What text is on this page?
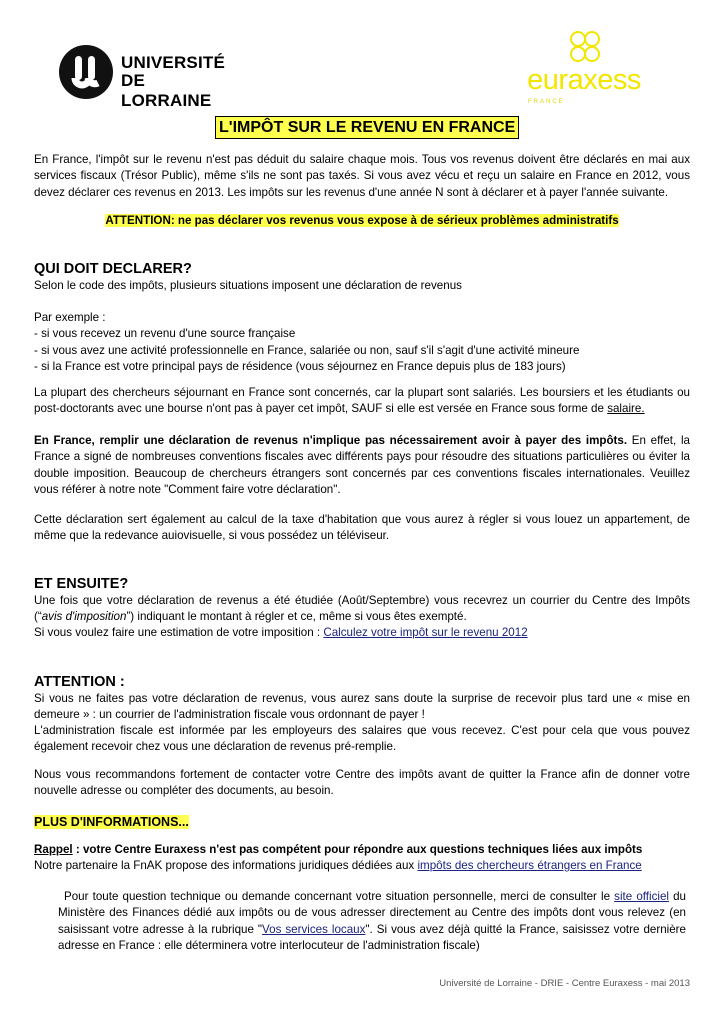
UNIVERSITÉ
DE LORRAINE
euraxess
FRANCE
L'IMPÔT SUR LE REVENU EN FRANCE
En France, l'impôt sur le revenu n'est pas déduit du salaire chaque mois. Tous vos revenus doivent être déclarés en mai aux services fiscaux (Trésor Public), même s'ils ne sont pas taxés. Si vous avez vécu et reçu un salaire en France en 2012, vous devez déclarer ces revenus en 2013. Les impôts sur les revenus d'une année N sont à déclarer et à payer l'année suivante.
ATTENTION: ne pas déclarer vos revenus vous expose à de sérieux problèmes administratifs
QUI DOIT DECLARER?
Selon le code des impôts, plusieurs situations imposent une déclaration de revenus
Par exemple :
- si vous recevez un revenu d'une source française
- si vous avez une activité professionnelle en France, salariée ou non, sauf s'il s'agit d'une activité mineure
- si la France est votre principal pays de résidence (vous séjournez en France depuis plus de 183 jours)
La plupart des chercheurs séjournant en France sont concernés, car la plupart sont salariés. Les boursiers et les étudiants ou post-doctorants avec une bourse n'ont pas à payer cet impôt, SAUF si elle est versée en France sous forme de salaire.
En France, remplir une déclaration de revenus n'implique pas nécessairement avoir à payer des impôts. En effet, la France a signé de nombreuses conventions fiscales avec différents pays pour résoudre des situations particulières ou éviter la double imposition. Beaucoup de chercheurs étrangers sont concernés par ces conventions fiscales internationales. Veuillez vous référer à notre note "Comment faire votre déclaration".
Cette déclaration sert également au calcul de la taxe d'habitation que vous aurez à régler si vous louez un appartement, de même que la redevance auiovisuelle, si vous possédez un téléviseur.
ET ENSUITE?
Une fois que votre déclaration de revenus a été étudiée (Août/Septembre) vous recevrez un courrier du Centre des Impôts (“avis d'imposition”) indiquant le montant à régler et ce, même si vous êtes exempté.
Si vous voulez faire une estimation de votre imposition : Calculez votre impôt sur le revenu 2012
ATTENTION :
Si vous ne faites pas votre déclaration de revenus, vous aurez sans doute la surprise de recevoir plus tard une « mise en demeure » : un courrier de l'administration fiscale vous ordonnant de payer !
L'administration fiscale est informée par les employeurs des salaires que vous recevez. C'est pour cela que vous pouvez également recevoir chez vous une déclaration de revenus pré-remplie.
Nous vous recommandons fortement de contacter votre Centre des impôts avant de quitter la France afin de donner votre nouvelle adresse ou compléter des documents, au besoin.
PLUS D'INFORMATIONS...
Rappel : votre Centre Euraxess n'est pas compétent pour répondre aux questions techniques liées aux impôts
Notre partenaire la FnAK propose des informations juridiques dédiées aux impôts des chercheurs étrangers en France
Pour toute question technique ou demande concernant votre situation personnelle, merci de consulter le site officiel du Ministère des Finances dédié aux impôts ou de vous adresser directement au Centre des impôts dont vous relevez (en saisissant votre adresse à la rubrique "Vos services locaux". Si vous avez déjà quitté la France, saisissez votre dernière adresse en France : elle déterminera votre interlocuteur de l'administration fiscale)
Université de Lorraine - DRIE - Centre Euraxess - mai 2013
